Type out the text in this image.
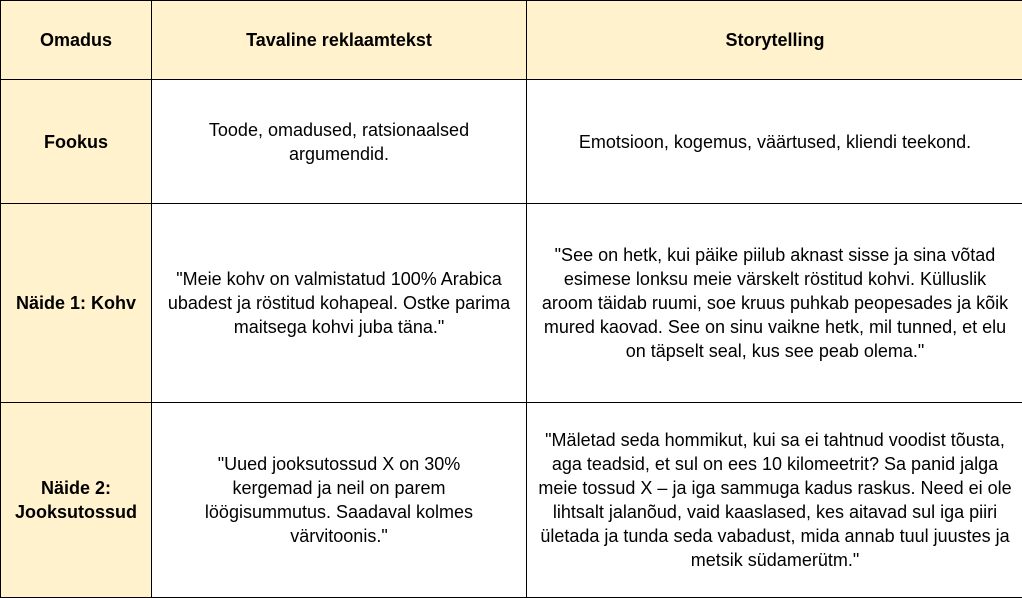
Omadus	Tavaline reklaamtekst	Storytelling
Fookus	Toode, omadused, ratsionaalsed argumendid.	Emotsioon, kogemus, väärtused, kliendi teekond.
Näide 1: Kohv	"Meie kohv on valmistatud 100% Arabica ubadest ja röstitud kohapeal. Ostke parima maitsega kohvi juba täna."	"See on hetk, kui päike piilub aknast sisse ja sina võtad esimese lonksu meie värskelt röstitud kohvi. Külluslik aroom täidab ruumi, soe kruus puhkab peopesades ja kõik mured kaovad. See on sinu vaikne hetk, mil tunned, et elu on täpselt seal, kus see peab olema."
Näide 2: Jooksutossud	"Uued jooksutossud X on 30% kergemad ja neil on parem löögisummutus. Saadaval kolmes värvitoonis."	"Mäletad seda hommikut, kui sa ei tahtnud voodist tõusta, aga teadsid, et sul on ees 10 kilomeetrit? Sa panid jalga meie tossud X – ja iga sammuga kadus raskus. Need ei ole lihtsalt jalanõud, vaid kaaslased, kes aitavad sul iga piiri ületada ja tunda seda vabadust, mida annab tuul juustes ja metsik südamerütm."
